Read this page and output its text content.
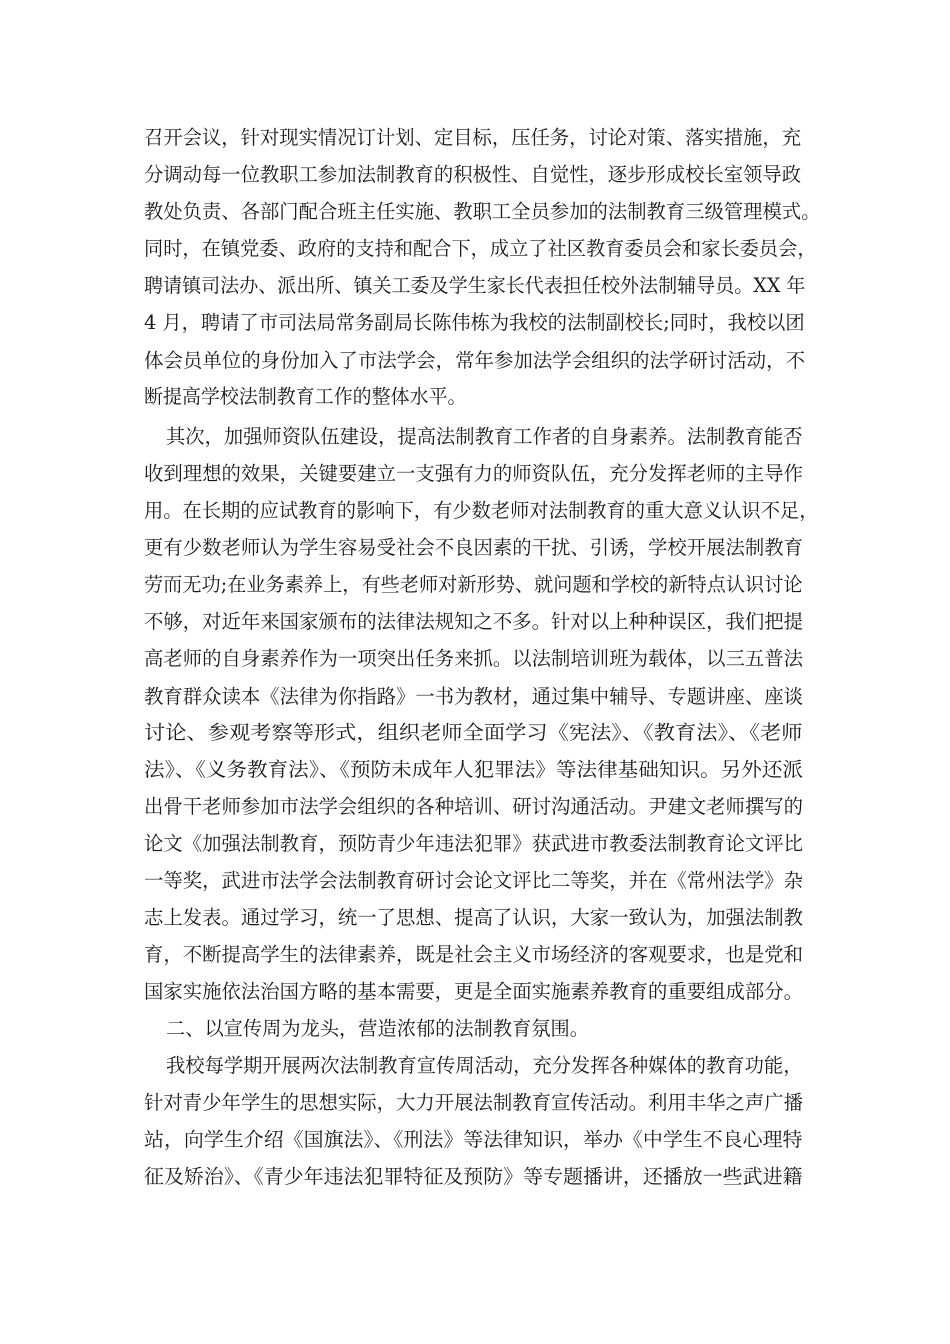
召开会议，针对现实情况订计划、定目标，压任务，讨论对策、落实措施，充
分调动每一位教职工参加法制教育的积极性、自觉性，逐步形成校长室领导政
教处负责、各部门配合班主任实施、教职工全员参加的法制教育三级管理模式。
同时，在镇党委、政府的支持和配合下，成立了社区教育委员会和家长委员会，
聘请镇司法办、派出所、镇关工委及学生家长代表担任校外法制辅导员。XX 年
4 月，聘请了市司法局常务副局长陈伟栋为我校的法制副校长;同时，我校以团
体会员单位的身份加入了市法学会，常年参加法学会组织的法学研讨活动，不
断提高学校法制教育工作的整体水平。
其次，加强师资队伍建设，提高法制教育工作者的自身素养。法制教育能否
收到理想的效果，关键要建立一支强有力的师资队伍，充分发挥老师的主导作
用。在长期的应试教育的影响下，有少数老师对法制教育的重大意义认识不足，
更有少数老师认为学生容易受社会不良因素的干扰、引诱，学校开展法制教育
劳而无功;在业务素养上，有些老师对新形势、就问题和学校的新特点认识讨论
不够，对近年来国家颁布的法律法规知之不多。针对以上种种误区，我们把提
高老师的自身素养作为一项突出任务来抓。以法制培训班为载体，以三五普法
教育群众读本《法律为你指路》一书为教材，通过集中辅导、专题讲座、座谈
讨论、参观考察等形式，组织老师全面学习《宪法》、《教育法》、《老师
法》、《义务教育法》、《预防未成年人犯罪法》等法律基础知识。另外还派
出骨干老师参加市法学会组织的各种培训、研讨沟通活动。尹建文老师撰写的
论文《加强法制教育，预防青少年违法犯罪》获武进市教委法制教育论文评比
一等奖，武进市法学会法制教育研讨会论文评比二等奖，并在《常州法学》杂
志上发表。通过学习，统一了思想、提高了认识，大家一致认为，加强法制教
育，不断提高学生的法律素养，既是社会主义市场经济的客观要求，也是党和
国家实施依法治国方略的基本需要，更是全面实施素养教育的重要组成部分。
二、以宣传周为龙头，营造浓郁的法制教育氛围。
我校每学期开展两次法制教育宣传周活动，充分发挥各种媒体的教育功能，
针对青少年学生的思想实际，大力开展法制教育宣传活动。利用丰华之声广播
站，向学生介绍《国旗法》、《刑法》等法律知识，举办《中学生不良心理特
征及矫治》、《青少年违法犯罪特征及预防》等专题播讲，还播放一些武进籍
